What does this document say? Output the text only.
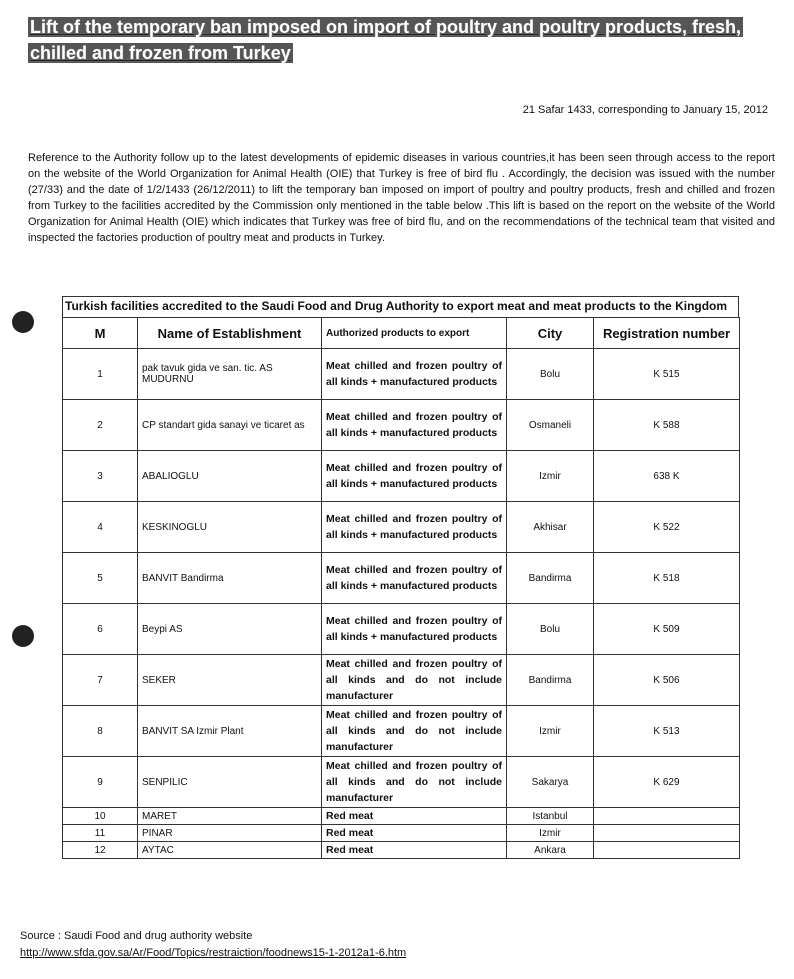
Lift of the temporary ban imposed on import of poultry and poultry products, fresh, chilled and frozen from Turkey
21 Safar 1433, corresponding to January 15, 2012
Reference to the Authority follow up to the latest developments of epidemic diseases in various countries,it has been seen through access to the report on the website of the World Organization for Animal Health (OIE) that Turkey is free of bird flu . Accordingly, the decision was issued with the number (27/33) and the date of 1/2/1433 (26/12/2011) to lift the temporary ban imposed on import of poultry and poultry products, fresh and chilled and frozen from Turkey to the facilities accredited by the Commission only mentioned in the table below .This lift is based on the report on the website of the World Organization for Animal Health (OIE) which indicates that Turkey was free of bird flu, and on the recommendations of the technical team that visited and inspected the factories production of poultry meat and products in Turkey.
Turkish facilities accredited to the Saudi Food and Drug Authority to export meat and meat products to the Kingdom
M	Name of Establishment	Authorized products to export	City	Registration number
1	pak tavuk gida ve san. tic. AS MUDURNU	Meat chilled and frozen poultry of all kinds + manufactured products	Bolu	K 515
2	CP standart gida sanayi ve ticaret as	Meat chilled and frozen poultry of all kinds + manufactured products	Osmaneli	K 588
3	ABALIOGLU	Meat chilled and frozen poultry of all kinds + manufactured products	Izmir	638 K
4	KESKINOGLU	Meat chilled and frozen poultry of all kinds + manufactured products	Akhisar	K 522
5	BANVIT Bandirma	Meat chilled and frozen poultry of all kinds + manufactured products	Bandirma	K 518
6	Beypi AS	Meat chilled and frozen poultry of all kinds + manufactured products	Bolu	K 509
7	SEKER	Meat chilled and frozen poultry of all kinds and do not include manufacturer	Bandirma	K 506
8	BANVIT SA Izmir Plant	Meat chilled and frozen poultry of all kinds and do not include manufacturer	Izmir	K 513
9	SENPILIC	Meat chilled and frozen poultry of all kinds and do not include manufacturer	Sakarya	K 629
10	MARET	Red meat	Istanbul	
11	PINAR	Red meat	Izmir	
12	AYTAC	Red meat	Ankara	
Source : Saudi Food and drug authority website
http://www.sfda.gov.sa/Ar/Food/Topics/restraiction/foodnews15-1-2012a1-6.htm
